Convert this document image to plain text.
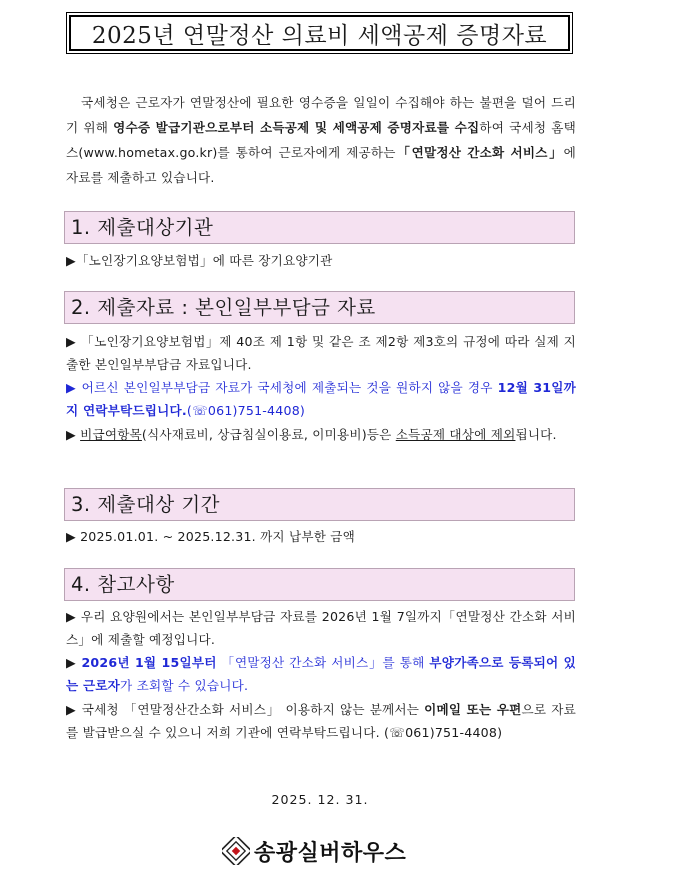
2025년 연말정산 의료비 세액공제 증명자료
국세청은 근로자가 연말정산에 필요한 영수증을 일일이 수집해야 하는 불편을 덜어 드리기 위해 영수증 발급기관으로부터 소득공제 및 세액공제 증명자료를 수집하여 국세청 홈택스(www.hometax.go.kr)를 통하여 근로자에게 제공하는「연말정산 간소화 서비스」에 자료를 제출하고 있습니다.
1. 제출대상기관
▶「노인장기요양보험법」에 따른 장기요양기관
2. 제출자료 : 본인일부부담금 자료
▶ 「노인장기요양보험법」제 40조 제 1항 및 같은 조 제2항 제3호의 규정에 따라 실제 지출한 본인일부부담금 자료입니다.
▶ 어르신 본인일부부담금 자료가 국세청에 제출되는 것을 원하지 않을 경우 12월 31일까지 연락부탁드립니다.(☏061)751-4408)
▶ 비급여항목(식사재료비, 상급침실이용료, 이미용비)등은 소득공제 대상에 제외됩니다.
3. 제출대상 기간
▶ 2025.01.01. ~ 2025.12.31. 까지 납부한 금액
4. 참고사항
▶ 우리 요양원에서는 본인일부부담금 자료를 2026년 1월 7일까지「연말정산 간소화 서비스」에 제출할 예정입니다.
▶ 2026년 1월 15일부터 「연말정산 간소화 서비스」를 통해 부양가족으로 등록되어 있는 근로자가 조회할 수 있습니다.
▶ 국세청 「연말정산간소화 서비스」 이용하지 않는 분께서는 이메일 또는 우편으로 자료를 발급받으실 수 있으니 저희 기관에 연락부탁드립니다. (☏061)751-4408)
2025. 12. 31.
송광실버하우스
